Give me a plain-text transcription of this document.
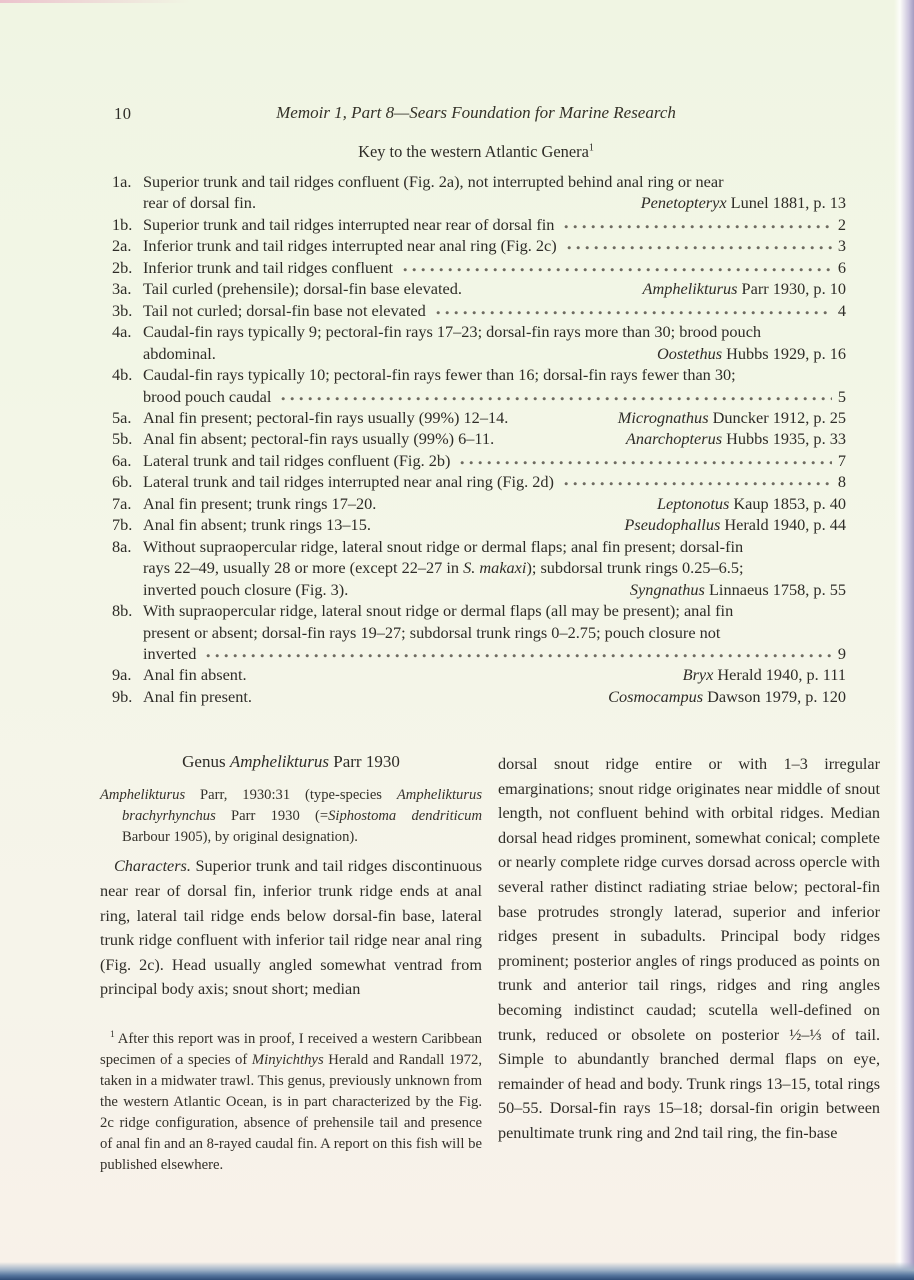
10	Memoir 1, Part 8—Sears Foundation for Marine Research
Key to the western Atlantic Genera$^1$
1a. Superior trunk and tail ridges confluent (Fig. 2a), not interrupted behind anal ring or near
rear of dorsal fin.	Penetopteryx Lunel 1881, p. 13
1b. Superior trunk and tail ridges interrupted near rear of dorsal fin	2
2a. Inferior trunk and tail ridges interrupted near anal ring (Fig. 2c)	3
2b. Inferior trunk and tail ridges confluent	6
3a. Tail curled (prehensile); dorsal-fin base elevated.	Amphelikturus Parr 1930, p. 10
3b. Tail not curled; dorsal-fin base not elevated	4
4a. Caudal-fin rays typically 9; pectoral-fin rays 17–23; dorsal-fin rays more than 30; brood pouch
abdominal.	Oostethus Hubbs 1929, p. 16
4b. Caudal-fin rays typically 10; pectoral-fin rays fewer than 16; dorsal-fin rays fewer than 30;
brood pouch caudal	5
5a. Anal fin present; pectoral-fin rays usually (99%) 12–14.	Micrognathus Duncker 1912, p. 25
5b. Anal fin absent; pectoral-fin rays usually (99%) 6–11.	Anarchopterus Hubbs 1935, p. 33
6a. Lateral trunk and tail ridges confluent (Fig. 2b)	7
6b. Lateral trunk and tail ridges interrupted near anal ring (Fig. 2d)	8
7a. Anal fin present; trunk rings 17–20.	Leptonotus Kaup 1853, p. 40
7b. Anal fin absent; trunk rings 13–15.	Pseudophallus Herald 1940, p. 44
8a. Without supraopercular ridge, lateral snout ridge or dermal flaps; anal fin present; dorsal-fin
rays 22–49, usually 28 or more (except 22–27 in S. makaxi); subdorsal trunk rings 0.25–6.5;
inverted pouch closure (Fig. 3).	Syngnathus Linnaeus 1758, p. 55
8b. With supraopercular ridge, lateral snout ridge or dermal flaps (all may be present); anal fin
present or absent; dorsal-fin rays 19–27; subdorsal trunk rings 0–2.75; pouch closure not
inverted	9
9a. Anal fin absent.	Bryx Herald 1940, p. 111
9b. Anal fin present.	Cosmocampus Dawson 1979, p. 120
Genus Amphelikturus Parr 1930

Amphelikturus Parr, 1930:31 (type-species Amphelikturus brachyrhynchus Parr 1930 (=Siphostoma dendriticum Barbour 1905), by original designation).

Characters. Superior trunk and tail ridges discontinuous near rear of dorsal fin, inferior trunk ridge ends at anal ring, lateral tail ridge ends below dorsal-fin base, lateral trunk ridge confluent with inferior tail ridge near anal ring (Fig. 2c). Head usually angled somewhat ventrad from principal body axis; snout short; median

$^1$ After this report was in proof, I received a western Caribbean specimen of a species of Minyichthys Herald and Randall 1972, taken in a midwater trawl. This genus, previously unknown from the western Atlantic Ocean, is in part characterized by the Fig. 2c ridge configuration, absence of prehensile tail and presence of anal fin and an 8-rayed caudal fin. A report on this fish will be published elsewhere.

dorsal snout ridge entire or with 1–3 irregular emarginations; snout ridge originates near middle of snout length, not confluent behind with orbital ridges. Median dorsal head ridges prominent, somewhat conical; complete or nearly complete ridge curves dorsad across opercle with several rather distinct radiating striae below; pectoral-fin base protrudes strongly laterad, superior and inferior ridges present in subadults. Principal body ridges prominent; posterior angles of rings produced as points on trunk and anterior tail rings, ridges and ring angles becoming indistinct caudad; scutella well-defined on trunk, reduced or obsolete on posterior ½–⅓ of tail. Simple to abundantly branched dermal flaps on eye, remainder of head and body. Trunk rings 13–15, total rings 50–55. Dorsal-fin rays 15–18; dorsal-fin origin between penultimate trunk ring and 2nd tail ring, the fin-base
